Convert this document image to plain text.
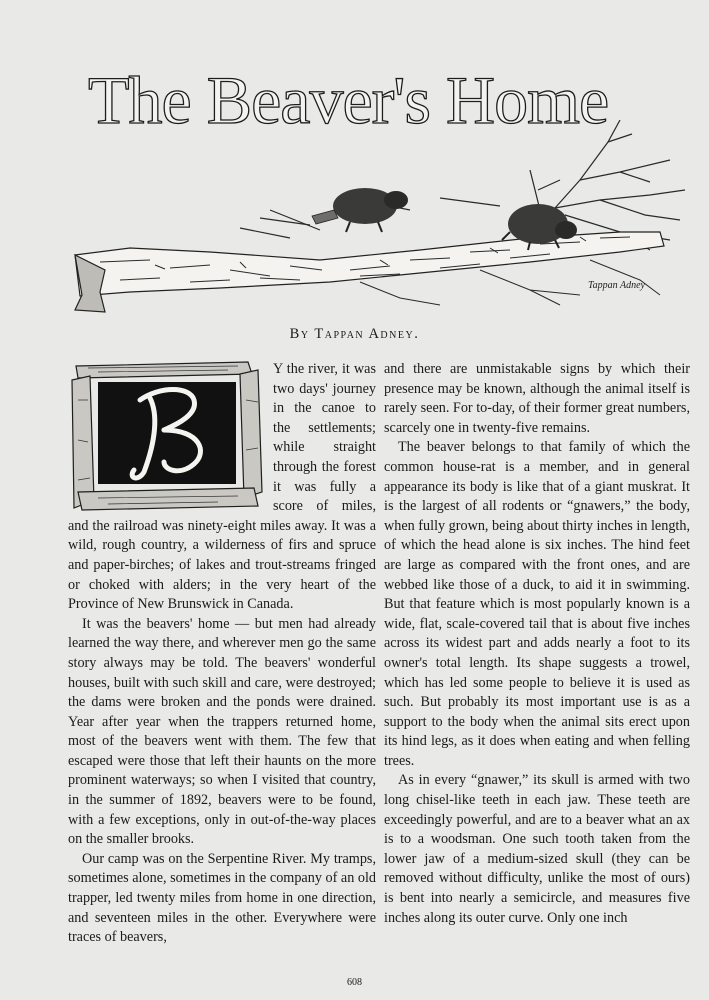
The Beaver's Home
Tappan Adney
By Tappan Adney.
B

Y the river, it was two days' journey in the canoe to the settlements; while straight through the forest it was fully a score of miles, and the railroad was ninety-eight miles away. It was a wild, rough country, a wilderness of firs and spruce and paper-birches; of lakes and trout-streams fringed or choked with alders; in the very heart of the Province of New Brunswick in Canada.

It was the beavers' home — but men had already learned the way there, and wherever men go the same story always may be told. The beavers' wonderful houses, built with such skill and care, were destroyed; the dams were broken and the ponds were drained. Year after year when the trappers returned home, most of the beavers went with them. The few that escaped were those that left their haunts on the more prominent waterways; so when I visited that country, in the summer of 1892, beavers were to be found, with a few exceptions, only in out-of-the-way places on the smaller brooks.

Our camp was on the Serpentine River. My tramps, sometimes alone, sometimes in the company of an old trapper, led twenty miles from home in one direction, and seventeen miles in the other. Everywhere were traces of beavers,

and there are unmistakable signs by which their presence may be known, although the animal itself is rarely seen. For to-day, of their former great numbers, scarcely one in twenty-five remains.

The beaver belongs to that family of which the common house-rat is a member, and in general appearance its body is like that of a giant muskrat. It is the largest of all rodents or “gnawers,” the body, when fully grown, being about thirty inches in length, of which the head alone is six inches. The hind feet are large as compared with the front ones, and are webbed like those of a duck, to aid it in swimming. But that feature which is most popularly known is a wide, flat, scale-covered tail that is about five inches across its widest part and adds nearly a foot to its owner's total length. Its shape suggests a trowel, which has led some people to believe it is used as such. But probably its most important use is as a support to the body when the animal sits erect upon its hind legs, as it does when eating and when felling trees.

As in every “gnawer,” its skull is armed with two long chisel-like teeth in each jaw. These teeth are exceedingly powerful, and are to a beaver what an ax is to a woodsman. One such tooth taken from the lower jaw of a medium-sized skull (they can be removed without difficulty, unlike the most of ours) is bent into nearly a semicircle, and measures five inches along its outer curve. Only one inch

608
